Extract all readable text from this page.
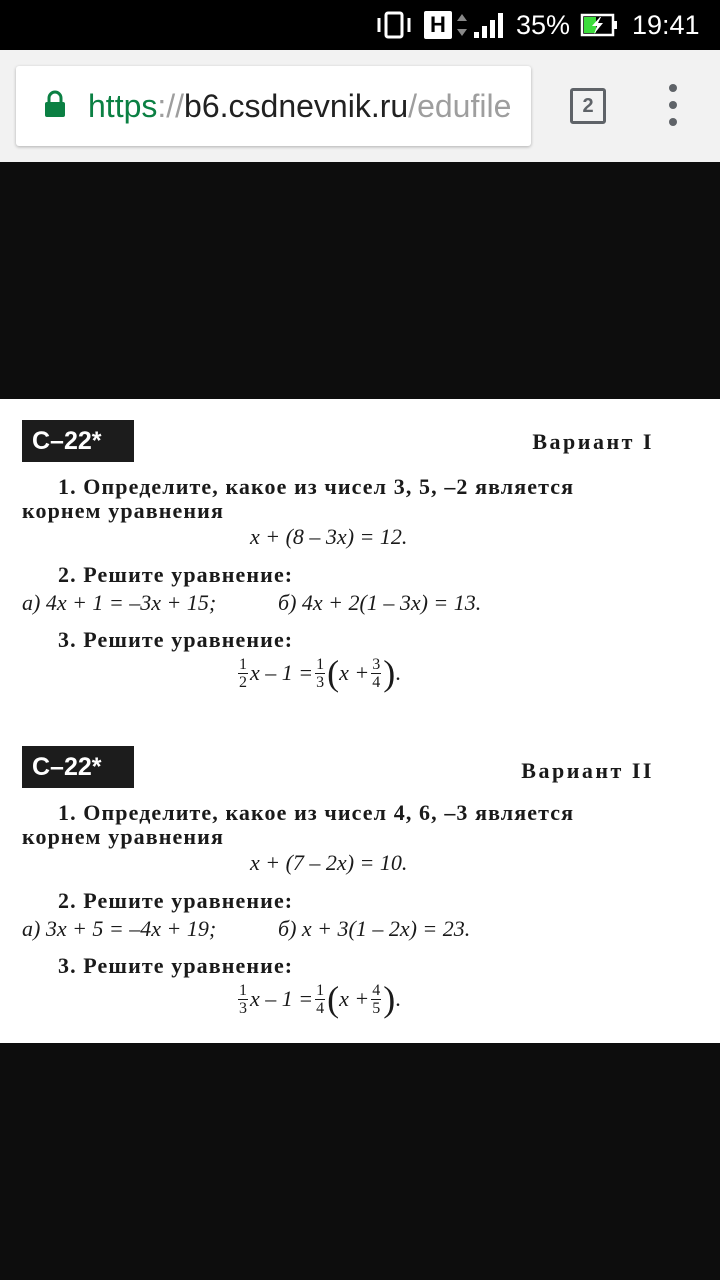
H	35% 19:41
https://b6.csdnevnik.ru/edufile	2
С–22*	Вариант I
1. Определите, какое из чисел 3, 5, –2 является
корнем уравнения
x + (8 – 3x) = 12.
2. Решите уравнение:
а) 4x + 1 = –3x + 15;	б) 4x + 2(1 – 3x) = 13.
3. Решите уравнение:
$\frac{1}{2}$ $x - 1 = \frac{1}{3}$ ( $x + \frac{3}{4}$ ) .
С–22*	Вариант II
1. Определите, какое из чисел 4, 6, –3 является
корнем уравнения
x + (7 – 2x) = 10.
2. Решите уравнение:
а) 3x + 5 = –4x + 19;	б) x + 3(1 – 2x) = 23.
3. Решите уравнение:
$\frac{1}{3}$ $x - 1 = \frac{1}{4}$ ( $x + \frac{4}{5}$ ) .
